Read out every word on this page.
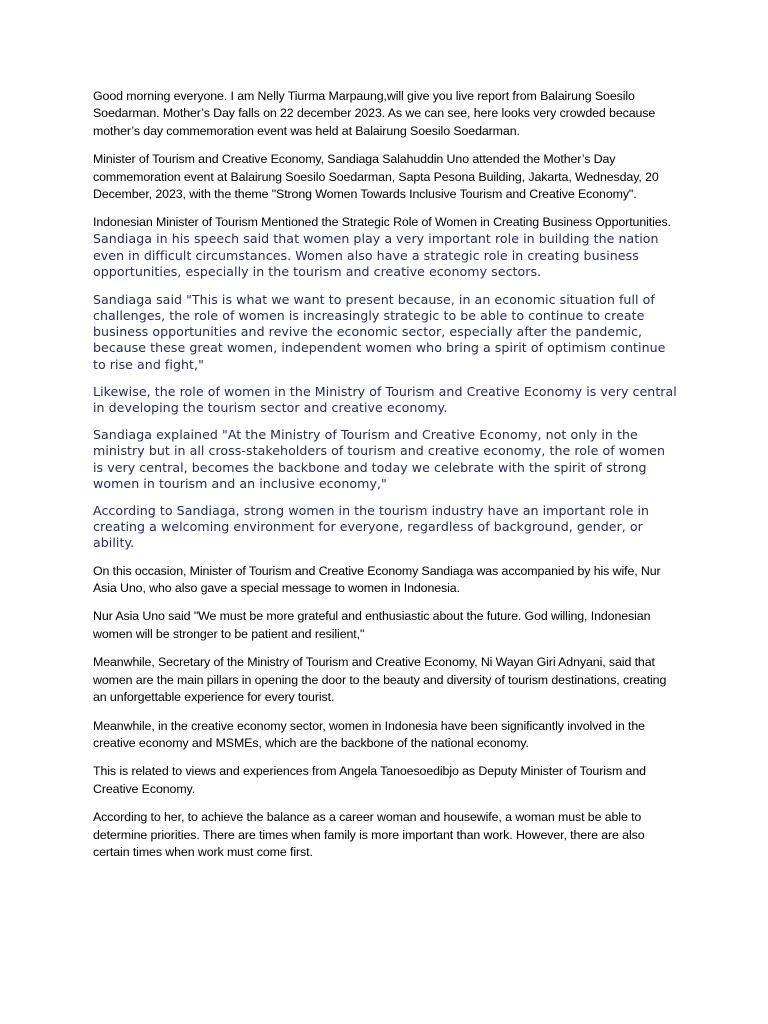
Good morning everyone. I am Nelly Tiurma Marpaung,will give you live report from Balairung Soesilo Soedarman. Mother’s Day falls on 22 december 2023. As we can see, here looks very crowded because mother’s day commemoration event was held at Balairung Soesilo Soedarman.

Minister of Tourism and Creative Economy, Sandiaga Salahuddin Uno attended the Mother’s Day commemoration event at Balairung Soesilo Soedarman, Sapta Pesona Building, Jakarta, Wednesday, 20 December, 2023, with the theme "Strong Women Towards Inclusive Tourism and Creative Economy".

Indonesian Minister of Tourism Mentioned the Strategic Role of Women in Creating Business Opportunities. Sandiaga in his speech said that women play a very important role in building the nation even in difficult circumstances. Women also have a strategic role in creating business opportunities, especially in the tourism and creative economy sectors.

Sandiaga said "This is what we want to present because, in an economic situation full of challenges, the role of women is increasingly strategic to be able to continue to create business opportunities and revive the economic sector, especially after the pandemic, because these great women, independent women who bring a spirit of optimism continue to rise and fight,"

Likewise, the role of women in the Ministry of Tourism and Creative Economy is very central in developing the tourism sector and creative economy.

Sandiaga explained "At the Ministry of Tourism and Creative Economy, not only in the ministry but in all cross-stakeholders of tourism and creative economy, the role of women is very central, becomes the backbone and today we celebrate with the spirit of strong women in tourism and an inclusive economy,"

According to Sandiaga, strong women in the tourism industry have an important role in creating a welcoming environment for everyone, regardless of background, gender, or ability.

On this occasion, Minister of Tourism and Creative Economy Sandiaga was accompanied by his wife, Nur Asia Uno, who also gave a special message to women in Indonesia.

Nur Asia Uno said "We must be more grateful and enthusiastic about the future. God willing, Indonesian women will be stronger to be patient and resilient,"

Meanwhile, Secretary of the Ministry of Tourism and Creative Economy, Ni Wayan Giri Adnyani, said that women are the main pillars in opening the door to the beauty and diversity of tourism destinations, creating an unforgettable experience for every tourist.

Meanwhile, in the creative economy sector, women in Indonesia have been significantly involved in the creative economy and MSMEs, which are the backbone of the national economy.

This is related to views and experiences from Angela Tanoesoedibjo as Deputy Minister of Tourism and Creative Economy.

According to her, to achieve the balance as a career woman and housewife, a woman must be able to determine priorities. There are times when family is more important than work. However, there are also certain times when work must come first.
